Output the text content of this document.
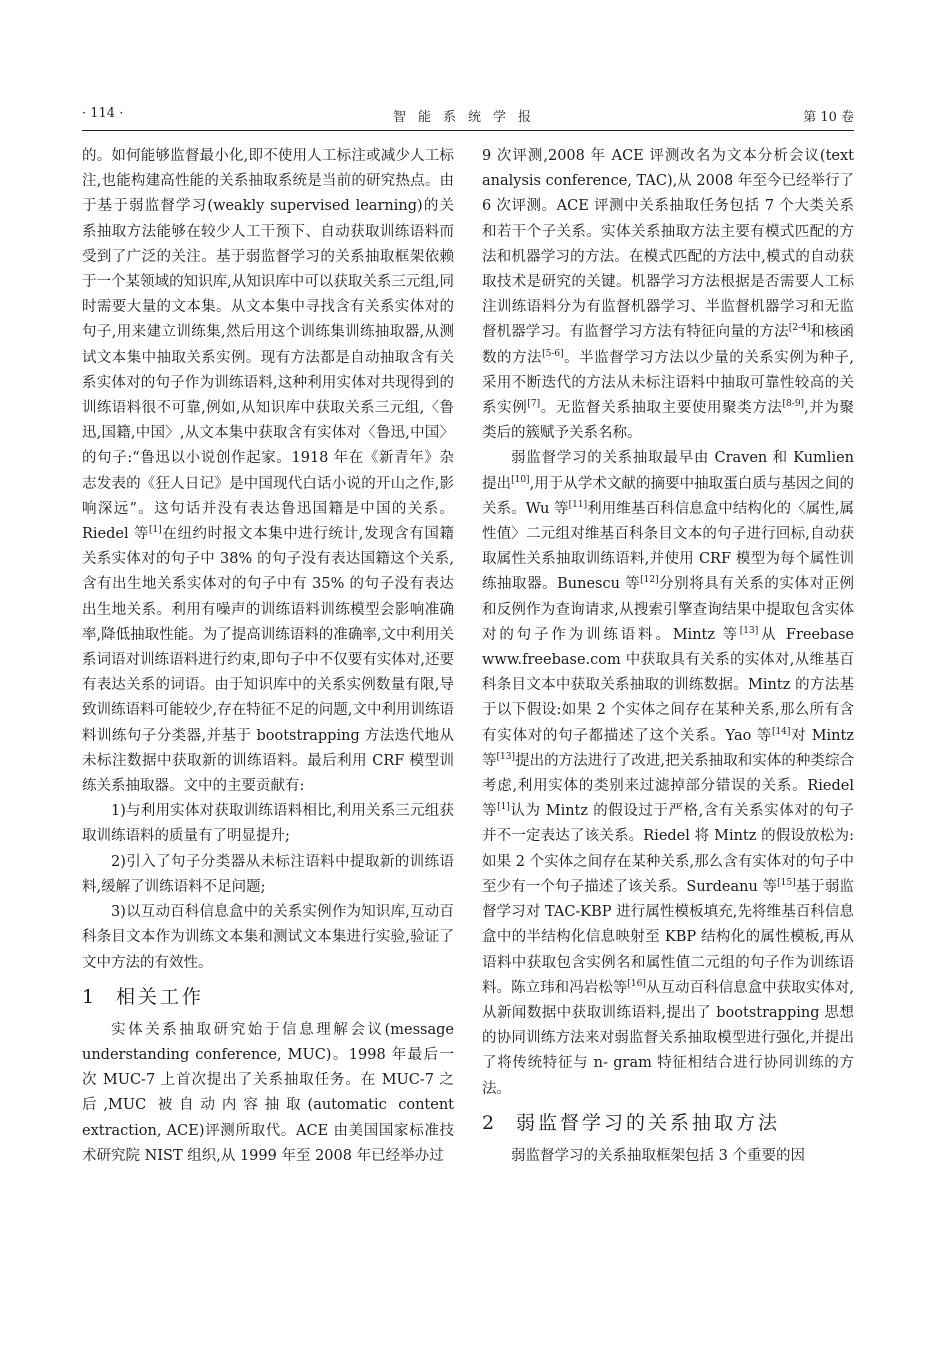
· 114 ·	智能系统学报	第 10 卷

的。如何能够监督最小化,即不使用人工标注或减少人工标注,也能构建高性能的关系抽取系统是当前的研究热点。由于基于弱监督学习(weakly supervised learning)的关系抽取方法能够在较少人工干预下、自动获取训练语料而受到了广泛的关注。基于弱监督学习的关系抽取框架依赖于一个某领域的知识库,从知识库中可以获取关系三元组,同时需要大量的文本集。从文本集中寻找含有关系实体对的句子,用来建立训练集,然后用这个训练集训练抽取器,从测试文本集中抽取关系实例。现有方法都是自动抽取含有关系实体对的句子作为训练语料,这种利用实体对共现得到的训练语料很不可靠,例如,从知识库中获取关系三元组,〈鲁迅,国籍,中国〉,从文本集中获取含有实体对〈鲁迅,中国〉的句子:“鲁迅以小说创作起家。1918 年在《新青年》杂志发表的《狂人日记》是中国现代白话小说的开山之作,影响深远”。这句话并没有表达鲁迅国籍是中国的关系。Riedel 等[1]在纽约时报文本集中进行统计,发现含有国籍关系实体对的句子中 38% 的句子没有表达国籍这个关系,含有出生地关系实体对的句子中有 35% 的句子没有表达出生地关系。利用有噪声的训练语料训练模型会影响准确率,降低抽取性能。为了提高训练语料的准确率,文中利用关系词语对训练语料进行约束,即句子中不仅要有实体对,还要有表达关系的词语。由于知识库中的关系实例数量有限,导致训练语料可能较少,存在特征不足的问题,文中利用训练语料训练句子分类器,并基于 bootstrapping 方法迭代地从未标注数据中获取新的训练语料。最后利用 CRF 模型训练关系抽取器。文中的主要贡献有:

1)与利用实体对获取训练语料相比,利用关系三元组获取训练语料的质量有了明显提升;

2)引入了句子分类器从未标注语料中提取新的训练语料,缓解了训练语料不足问题;

3)以互动百科信息盒中的关系实例作为知识库,互动百科条目文本作为训练文本集和测试文本集进行实验,验证了文中方法的有效性。

1 相关工作

实体关系抽取研究始于信息理解会议(message understanding conference, MUC)。1998 年最后一次 MUC-7 上首次提出了关系抽取任务。在 MUC-7 之后,MUC 被自动内容抽取(automatic content extraction, ACE)评测所取代。ACE 由美国国家标准技术研究院 NIST 组织,从 1999 年至 2008 年已经举办过

9 次评测,2008 年 ACE 评测改名为文本分析会议(text analysis conference, TAC),从 2008 年至今已经举行了 6 次评测。ACE 评测中关系抽取任务包括 7 个大类关系和若干个子关系。实体关系抽取方法主要有模式匹配的方法和机器学习的方法。在模式匹配的方法中,模式的自动获取技术是研究的关键。机器学习方法根据是否需要人工标注训练语料分为有监督机器学习、半监督机器学习和无监督机器学习。有监督学习方法有特征向量的方法[2-4]和核函数的方法[5-6]。半监督学习方法以少量的关系实例为种子,采用不断迭代的方法从未标注语料中抽取可靠性较高的关系实例[7]。无监督关系抽取主要使用聚类方法[8-9],并为聚类后的簇赋予关系名称。

弱监督学习的关系抽取最早由 Craven 和 Kumlien 提出[10],用于从学术文献的摘要中抽取蛋白质与基因之间的关系。Wu 等[11]利用维基百科信息盒中结构化的〈属性,属性值〉二元组对维基百科条目文本的句子进行回标,自动获取属性关系抽取训练语料,并使用 CRF 模型为每个属性训练抽取器。Bunescu 等[12]分别将具有关系的实体对正例和反例作为查询请求,从搜索引擎查询结果中提取包含实体对的句子作为训练语料。Mintz 等[13]从 Freebase www.freebase.com 中获取具有关系的实体对,从维基百科条目文本中获取关系抽取的训练数据。Mintz 的方法基于以下假设:如果 2 个实体之间存在某种关系,那么所有含有实体对的句子都描述了这个关系。Yao 等[14]对 Mintz 等[13]提出的方法进行了改进,把关系抽取和实体的种类综合考虑,利用实体的类别来过滤掉部分错误的关系。Riedel 等[1]认为 Mintz 的假设过于严格,含有关系实体对的句子并不一定表达了该关系。Riedel 将 Mintz 的假设放松为:如果 2 个实体之间存在某种关系,那么含有实体对的句子中至少有一个句子描述了该关系。Surdeanu 等[15]基于弱监督学习对 TAC-KBP 进行属性模板填充,先将维基百科信息盒中的半结构化信息映射至 KBP 结构化的属性模板,再从语料中获取包含实例名和属性值二元组的句子作为训练语料。陈立玮和冯岩松等[16]从互动百科信息盒中获取实体对,从新闻数据中获取训练语料,提出了 bootstrapping 思想的协同训练方法来对弱监督关系抽取模型进行强化,并提出了将传统特征与 n- gram 特征相结合进行协同训练的方法。

2 弱监督学习的关系抽取方法

弱监督学习的关系抽取框架包括 3 个重要的因
